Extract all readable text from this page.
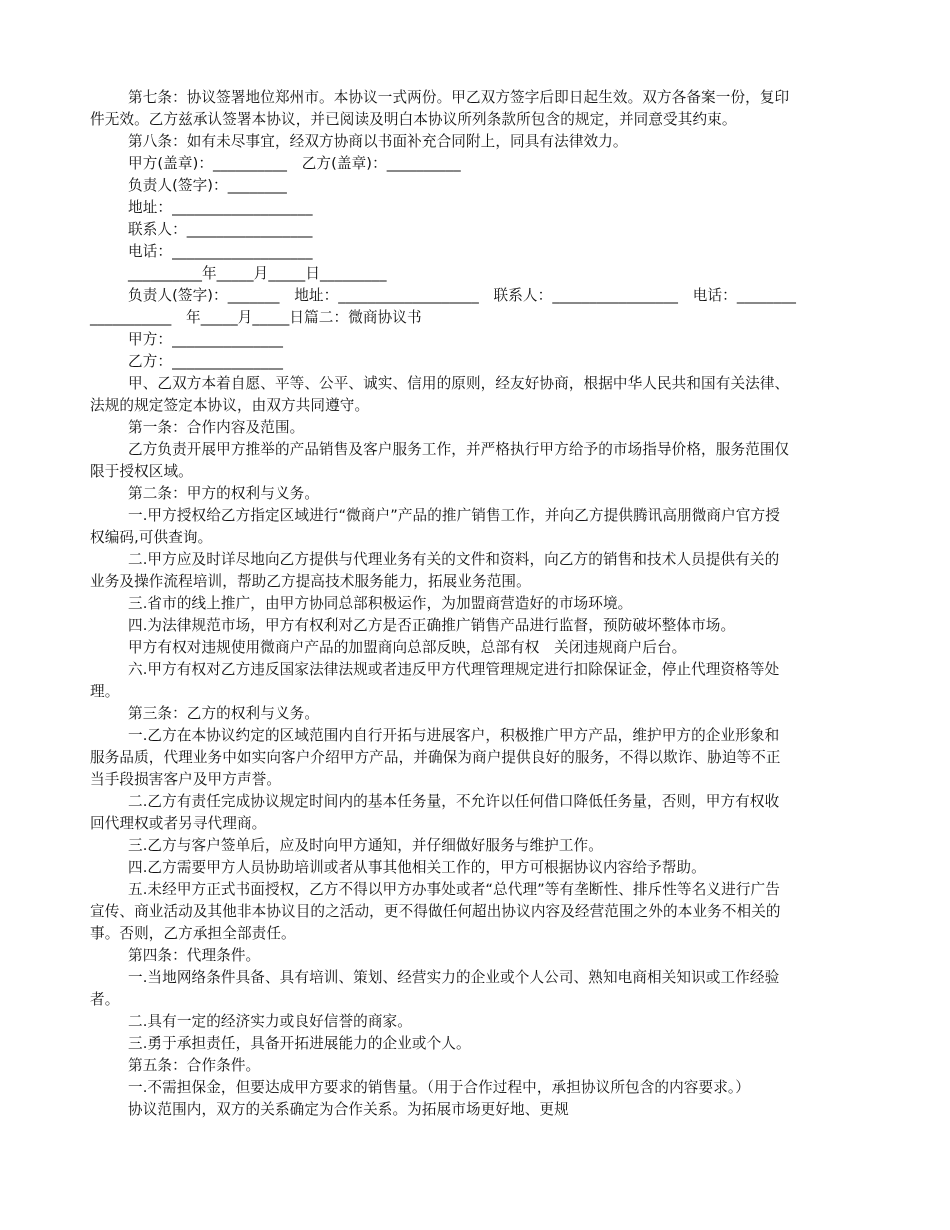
第七条：协议签署地位郑州市。本协议一式两份。甲乙双方签字后即日起生效。双方各备案一份，复印
件无效。乙方兹承认签署本协议，并已阅读及明白本协议所列条款所包含的规定，并同意受其约束。
第八条：如有未尽事宜，经双方协商以书面补充合同附上，同具有法律效力。
甲方(盖章)：__________　乙方(盖章)：__________
负责人(签字)：________
地址：___________________
联系人：_________________
电话：___________________
__________年_____月_____日_________
负责人(签字)：_______　地址：___________________　联系人：_________________　电话：________
___________　年_____月_____日篇二：微商协议书
甲方：_______________
乙方：_______________
甲、乙双方本着自愿、平等、公平、诚实、信用的原则，经友好协商，根据中华人民共和国有关法律、
法规的规定签定本协议，由双方共同遵守。
第一条：合作内容及范围。
乙方负责开展甲方推举的产品销售及客户服务工作，并严格执行甲方给予的市场指导价格，服务范围仅
限于授权区域。
第二条：甲方的权利与义务。
一.甲方授权给乙方指定区域进行“微商户”产品的推广销售工作，并向乙方提供腾讯高朋微商户官方授
权编码,可供查询。
二.甲方应及时详尽地向乙方提供与代理业务有关的文件和资料，向乙方的销售和技术人员提供有关的
业务及操作流程培训，帮助乙方提高技术服务能力，拓展业务范围。
三.省市的线上推广，由甲方协同总部积极运作，为加盟商营造好的市场环境。
四.为法律规范市场，甲方有权利对乙方是否正确推广销售产品进行监督，预防破坏整体市场。
甲方有权对违规使用微商户产品的加盟商向总部反映，总部有权　关闭违规商户后台。
六.甲方有权对乙方违反国家法律法规或者违反甲方代理管理规定进行扣除保证金，停止代理资格等处
理。
第三条：乙方的权利与义务。
一.乙方在本协议约定的区域范围内自行开拓与进展客户，积极推广甲方产品，维护甲方的企业形象和
服务品质，代理业务中如实向客户介绍甲方产品，并确保为商户提供良好的服务，不得以欺诈、胁迫等不正
当手段损害客户及甲方声誉。
二.乙方有责任完成协议规定时间内的基本任务量，不允许以任何借口降低任务量，否则，甲方有权收
回代理权或者另寻代理商。
三.乙方与客户签单后，应及时向甲方通知，并仔细做好服务与维护工作。
四.乙方需要甲方人员协助培训或者从事其他相关工作的，甲方可根据协议内容给予帮助。
五.未经甲方正式书面授权，乙方不得以甲方办事处或者“总代理”等有垄断性、排斥性等名义进行广告
宣传、商业活动及其他非本协议目的之活动，更不得做任何超出协议内容及经营范围之外的本业务不相关的
事。否则，乙方承担全部责任。
第四条：代理条件。
一.当地网络条件具备、具有培训、策划、经营实力的企业或个人公司、熟知电商相关知识或工作经验
者。
二.具有一定的经济实力或良好信誉的商家。
三.勇于承担责任，具备开拓进展能力的企业或个人。
第五条：合作条件。
一.不需担保金，但要达成甲方要求的销售量。（用于合作过程中，承担协议所包含的内容要求。）
协议范围内，双方的关系确定为合作关系。为拓展市场更好地、更规
